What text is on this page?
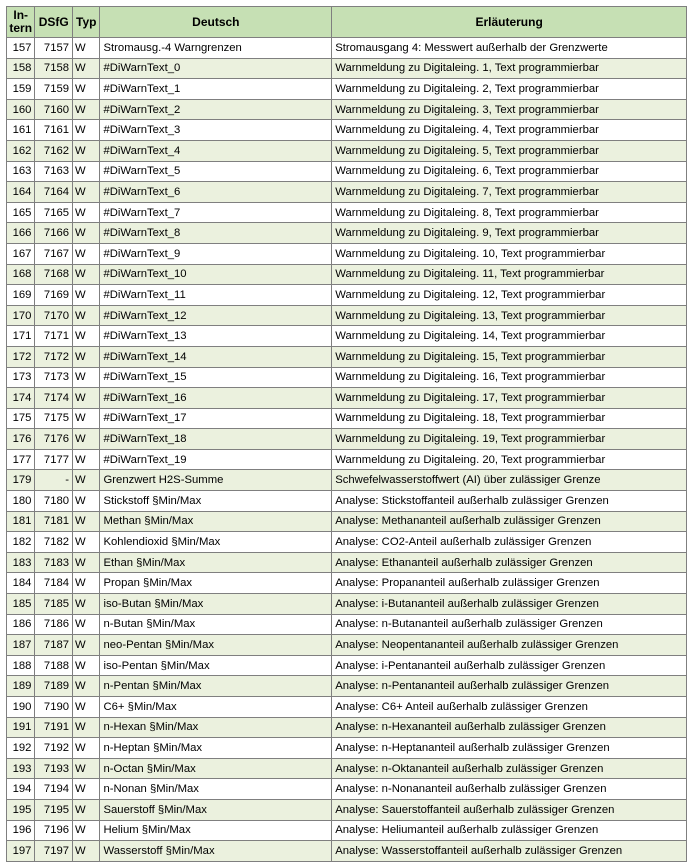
In-
tern	DSfG	Typ	Deutsch	Erläuterung
157	7157	W	Stromausg.-4 Warngrenzen	Stromausgang 4: Messwert außerhalb der Grenzwerte
158	7158	W	#DiWarnText_0	Warnmeldung zu Digitaleing. 1, Text programmierbar
159	7159	W	#DiWarnText_1	Warnmeldung zu Digitaleing. 2, Text programmierbar
160	7160	W	#DiWarnText_2	Warnmeldung zu Digitaleing. 3, Text programmierbar
161	7161	W	#DiWarnText_3	Warnmeldung zu Digitaleing. 4, Text programmierbar
162	7162	W	#DiWarnText_4	Warnmeldung zu Digitaleing. 5, Text programmierbar
163	7163	W	#DiWarnText_5	Warnmeldung zu Digitaleing. 6, Text programmierbar
164	7164	W	#DiWarnText_6	Warnmeldung zu Digitaleing. 7, Text programmierbar
165	7165	W	#DiWarnText_7	Warnmeldung zu Digitaleing. 8, Text programmierbar
166	7166	W	#DiWarnText_8	Warnmeldung zu Digitaleing. 9, Text programmierbar
167	7167	W	#DiWarnText_9	Warnmeldung zu Digitaleing. 10, Text programmierbar
168	7168	W	#DiWarnText_10	Warnmeldung zu Digitaleing. 11, Text programmierbar
169	7169	W	#DiWarnText_11	Warnmeldung zu Digitaleing. 12, Text programmierbar
170	7170	W	#DiWarnText_12	Warnmeldung zu Digitaleing. 13, Text programmierbar
171	7171	W	#DiWarnText_13	Warnmeldung zu Digitaleing. 14, Text programmierbar
172	7172	W	#DiWarnText_14	Warnmeldung zu Digitaleing. 15, Text programmierbar
173	7173	W	#DiWarnText_15	Warnmeldung zu Digitaleing. 16, Text programmierbar
174	7174	W	#DiWarnText_16	Warnmeldung zu Digitaleing. 17, Text programmierbar
175	7175	W	#DiWarnText_17	Warnmeldung zu Digitaleing. 18, Text programmierbar
176	7176	W	#DiWarnText_18	Warnmeldung zu Digitaleing. 19, Text programmierbar
177	7177	W	#DiWarnText_19	Warnmeldung zu Digitaleing. 20, Text programmierbar
179	-	W	Grenzwert H2S-Summe	Schwefelwasserstoffwert (AI) über zulässiger Grenze
180	7180	W	Stickstoff §Min/Max	Analyse: Stickstoffanteil außerhalb zulässiger Grenzen
181	7181	W	Methan §Min/Max	Analyse: Methananteil außerhalb zulässiger Grenzen
182	7182	W	Kohlendioxid §Min/Max	Analyse: CO2-Anteil außerhalb zulässiger Grenzen
183	7183	W	Ethan §Min/Max	Analyse: Ethananteil außerhalb zulässiger Grenzen
184	7184	W	Propan §Min/Max	Analyse: Propananteil außerhalb zulässiger Grenzen
185	7185	W	iso-Butan §Min/Max	Analyse: i-Butananteil außerhalb zulässiger Grenzen
186	7186	W	n-Butan §Min/Max	Analyse: n-Butananteil außerhalb zulässiger Grenzen
187	7187	W	neo-Pentan §Min/Max	Analyse: Neopentananteil außerhalb zulässiger Grenzen
188	7188	W	iso-Pentan §Min/Max	Analyse: i-Pentananteil außerhalb zulässiger Grenzen
189	7189	W	n-Pentan §Min/Max	Analyse: n-Pentananteil außerhalb zulässiger Grenzen
190	7190	W	C6+ §Min/Max	Analyse: C6+ Anteil außerhalb zulässiger Grenzen
191	7191	W	n-Hexan §Min/Max	Analyse: n-Hexananteil außerhalb zulässiger Grenzen
192	7192	W	n-Heptan §Min/Max	Analyse: n-Heptananteil außerhalb zulässiger Grenzen
193	7193	W	n-Octan §Min/Max	Analyse: n-Oktananteil außerhalb zulässiger Grenzen
194	7194	W	n-Nonan §Min/Max	Analyse: n-Nonananteil außerhalb zulässiger Grenzen
195	7195	W	Sauerstoff §Min/Max	Analyse: Sauerstoffanteil außerhalb zulässiger Grenzen
196	7196	W	Helium §Min/Max	Analyse: Heliumanteil außerhalb zulässiger Grenzen
197	7197	W	Wasserstoff §Min/Max	Analyse: Wasserstoffanteil außerhalb zulässiger Grenzen
